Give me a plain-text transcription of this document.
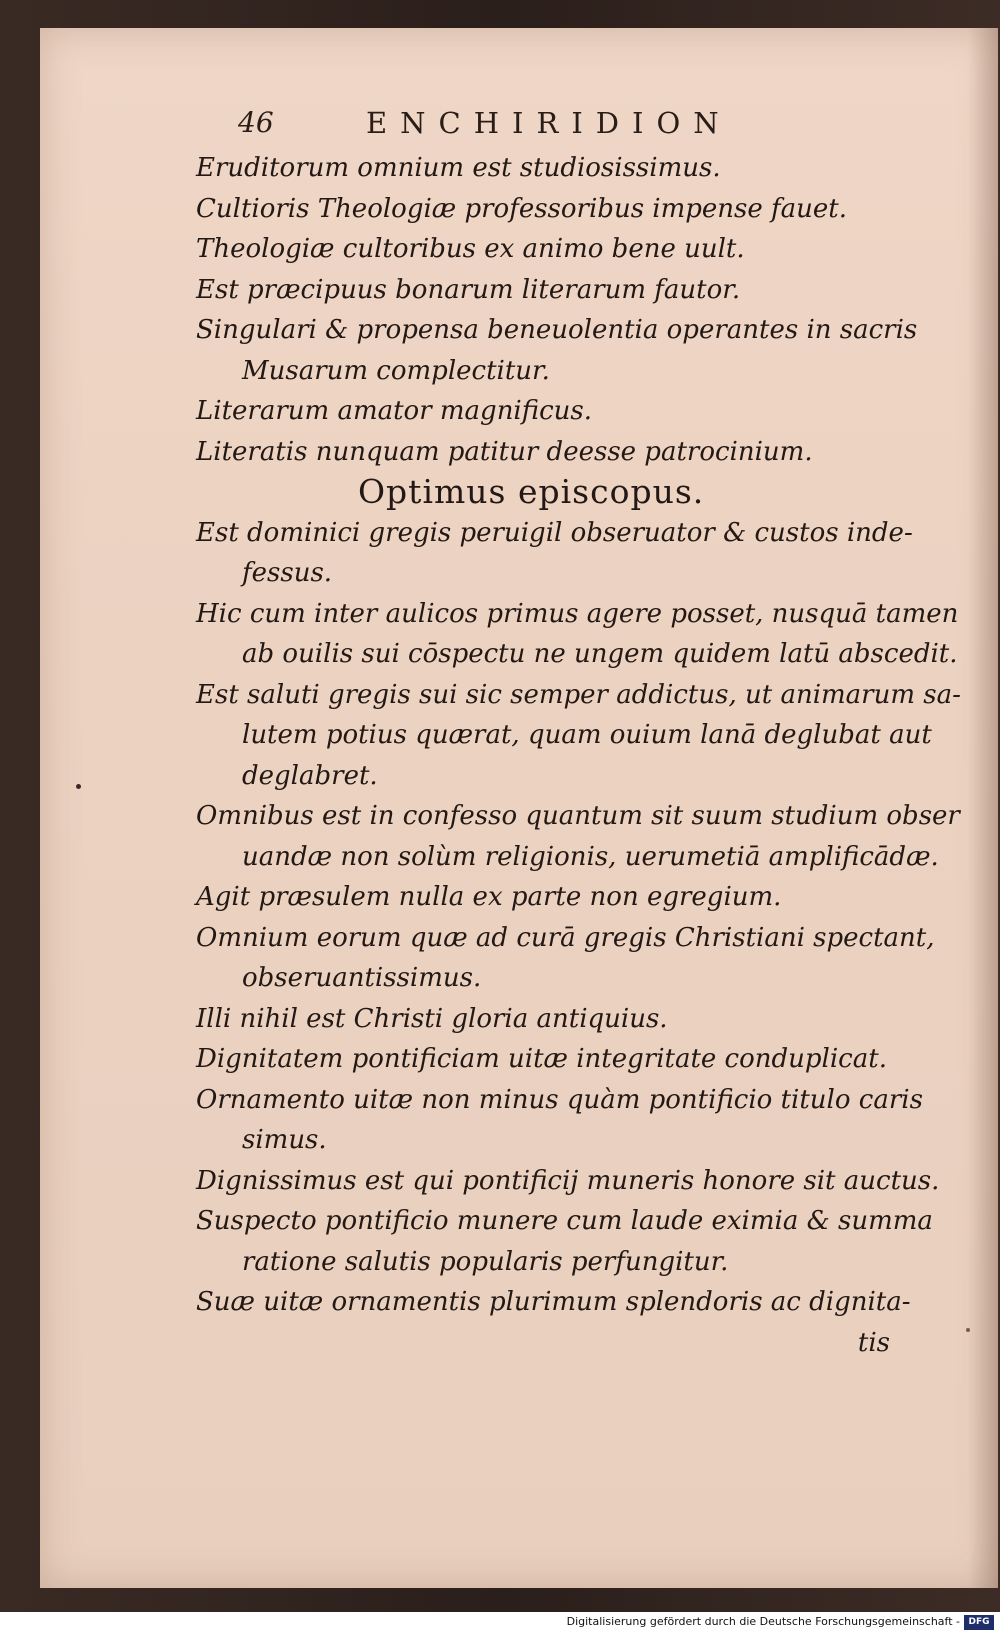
46	ENCHIRIDION
Eruditorum omnium est studiosissimus.
Cultioris Theologiæ professoribus impense fauet.
Theologiæ cultoribus ex animo bene uult.
Est præcipuus bonarum literarum fautor.
Singulari & propensa beneuolentia operantes in sacris
Musarum complectitur.
Literarum amator magnificus.
Literatis nunquam patitur deesse patrocinium.
Optimus episcopus.
Est dominici gregis peruigil obseruator & custos inde-
fessus.
Hic cum inter aulicos primus agere posset, nusquā tamen
ab ouilis sui cōspectu ne ungem quidem latū abscedit.
Est saluti gregis sui sic semper addictus, ut animarum sa-
lutem potius quærat, quam ouium lanā deglubat aut
deglabret.
Omnibus est in confesso quantum sit suum studium obser
uandæ non solùm religionis, uerumetiā amplificādæ.
Agit præsulem nulla ex parte non egregium.
Omnium eorum quæ ad curā gregis Christiani spectant,
obseruantissimus.
Illi nihil est Christi gloria antiquius.
Dignitatem pontificiam uitæ integritate conduplicat.
Ornamento uitæ non minus quàm pontificio titulo caris
simus.
Dignissimus est qui pontificij muneris honore sit auctus.
Suspecto pontificio munere cum laude eximia & summa
ratione salutis popularis perfungitur.
Suæ uitæ ornamentis plurimum splendoris ac dignita-
tis
Digitalisierung gefördert durch die Deutsche Forschungsgemeinschaft - DFG
